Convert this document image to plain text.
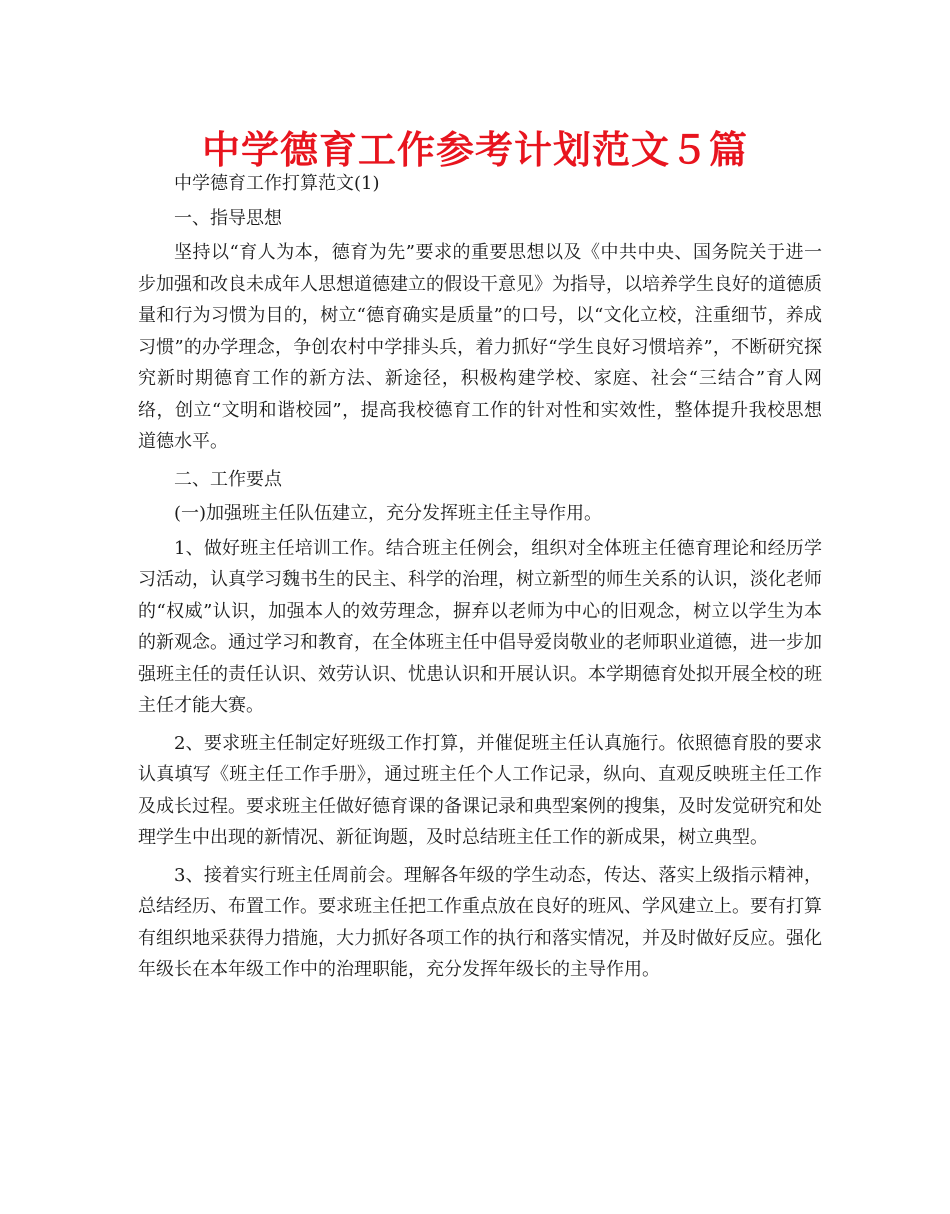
中学德育工作参考计划范文５篇

中学德育工作打算范文(1)

一、指导思想

坚持以“育人为本，德育为先”要求的重要思想以及《中共中央、国务院关于进一步加强和改良未成年人思想道德建立的假设干意见》为指导，以培养学生良好的道德质量和行为习惯为目的，树立“德育确实是质量”的口号，以“文化立校，注重细节，养成习惯”的办学理念，争创农村中学排头兵，着力抓好“学生良好习惯培养”，不断研究探究新时期德育工作的新方法、新途径，积极构建学校、家庭、社会“三结合”育人网络，创立“文明和谐校园”，提高我校德育工作的针对性和实效性，整体提升我校思想道德水平。

二、工作要点

(一)加强班主任队伍建立，充分发挥班主任主导作用。

1、做好班主任培训工作。结合班主任例会，组织对全体班主任德育理论和经历学习活动，认真学习魏书生的民主、科学的治理，树立新型的师生关系的认识，淡化老师的“权威”认识，加强本人的效劳理念，摒弃以老师为中心的旧观念，树立以学生为本的新观念。通过学习和教育，在全体班主任中倡导爱岗敬业的老师职业道德，进一步加强班主任的责任认识、效劳认识、忧患认识和开展认识。本学期德育处拟开展全校的班主任才能大赛。

2、要求班主任制定好班级工作打算，并催促班主任认真施行。依照德育股的要求认真填写《班主任工作手册》，通过班主任个人工作记录，纵向、直观反映班主任工作及成长过程。要求班主任做好德育课的备课记录和典型案例的搜集，及时发觉研究和处理学生中出现的新情况、新征询题，及时总结班主任工作的新成果，树立典型。

3、接着实行班主任周前会。理解各年级的学生动态，传达、落实上级指示精神，总结经历、布置工作。要求班主任把工作重点放在良好的班风、学风建立上。要有打算有组织地采获得力措施，大力抓好各项工作的执行和落实情况，并及时做好反应。强化年级长在本年级工作中的治理职能，充分发挥年级长的主导作用。
